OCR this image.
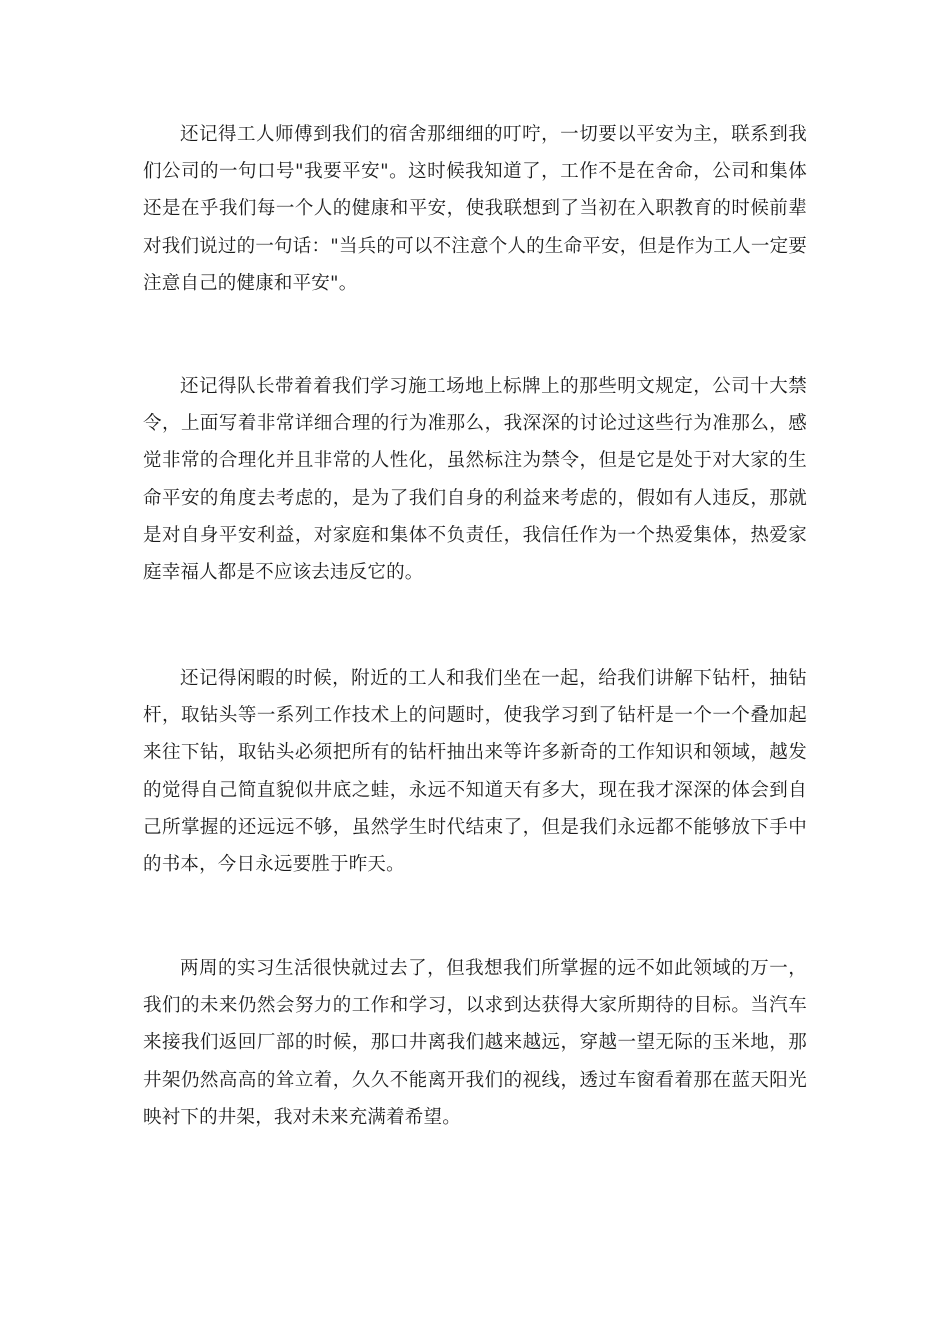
还记得工人师傅到我们的宿舍那细细的叮咛，一切要以平安为主，联系到我们公司的一句口号"我要平安"。这时候我知道了，工作不是在舍命，公司和集体还是在乎我们每一个人的健康和平安，使我联想到了当初在入职教育的时候前辈对我们说过的一句话："当兵的可以不注意个人的生命平安，但是作为工人一定要注意自己的健康和平安"。

还记得队长带着着我们学习施工场地上标牌上的那些明文规定，公司十大禁令，上面写着非常详细合理的行为准那么，我深深的讨论过这些行为准那么，感觉非常的合理化并且非常的人性化，虽然标注为禁令，但是它是处于对大家的生命平安的角度去考虑的，是为了我们自身的利益来考虑的，假如有人违反，那就是对自身平安利益，对家庭和集体不负责任，我信任作为一个热爱集体，热爱家庭幸福人都是不应该去违反它的。

还记得闲暇的时候，附近的工人和我们坐在一起，给我们讲解下钻杆，抽钻杆，取钻头等一系列工作技术上的问题时，使我学习到了钻杆是一个一个叠加起来往下钻，取钻头必须把所有的钻杆抽出来等许多新奇的工作知识和领域，越发的觉得自己简直貌似井底之蛙，永远不知道天有多大，现在我才深深的体会到自己所掌握的还远远不够，虽然学生时代结束了，但是我们永远都不能够放下手中的书本，今日永远要胜于昨天。

两周的实习生活很快就过去了，但我想我们所掌握的远不如此领域的万一，我们的未来仍然会努力的工作和学习，以求到达获得大家所期待的目标。当汽车来接我们返回厂部的时候，那口井离我们越来越远，穿越一望无际的玉米地，那井架仍然高高的耸立着，久久不能离开我们的视线，透过车窗看着那在蓝天阳光映衬下的井架，我对未来充满着希望。
